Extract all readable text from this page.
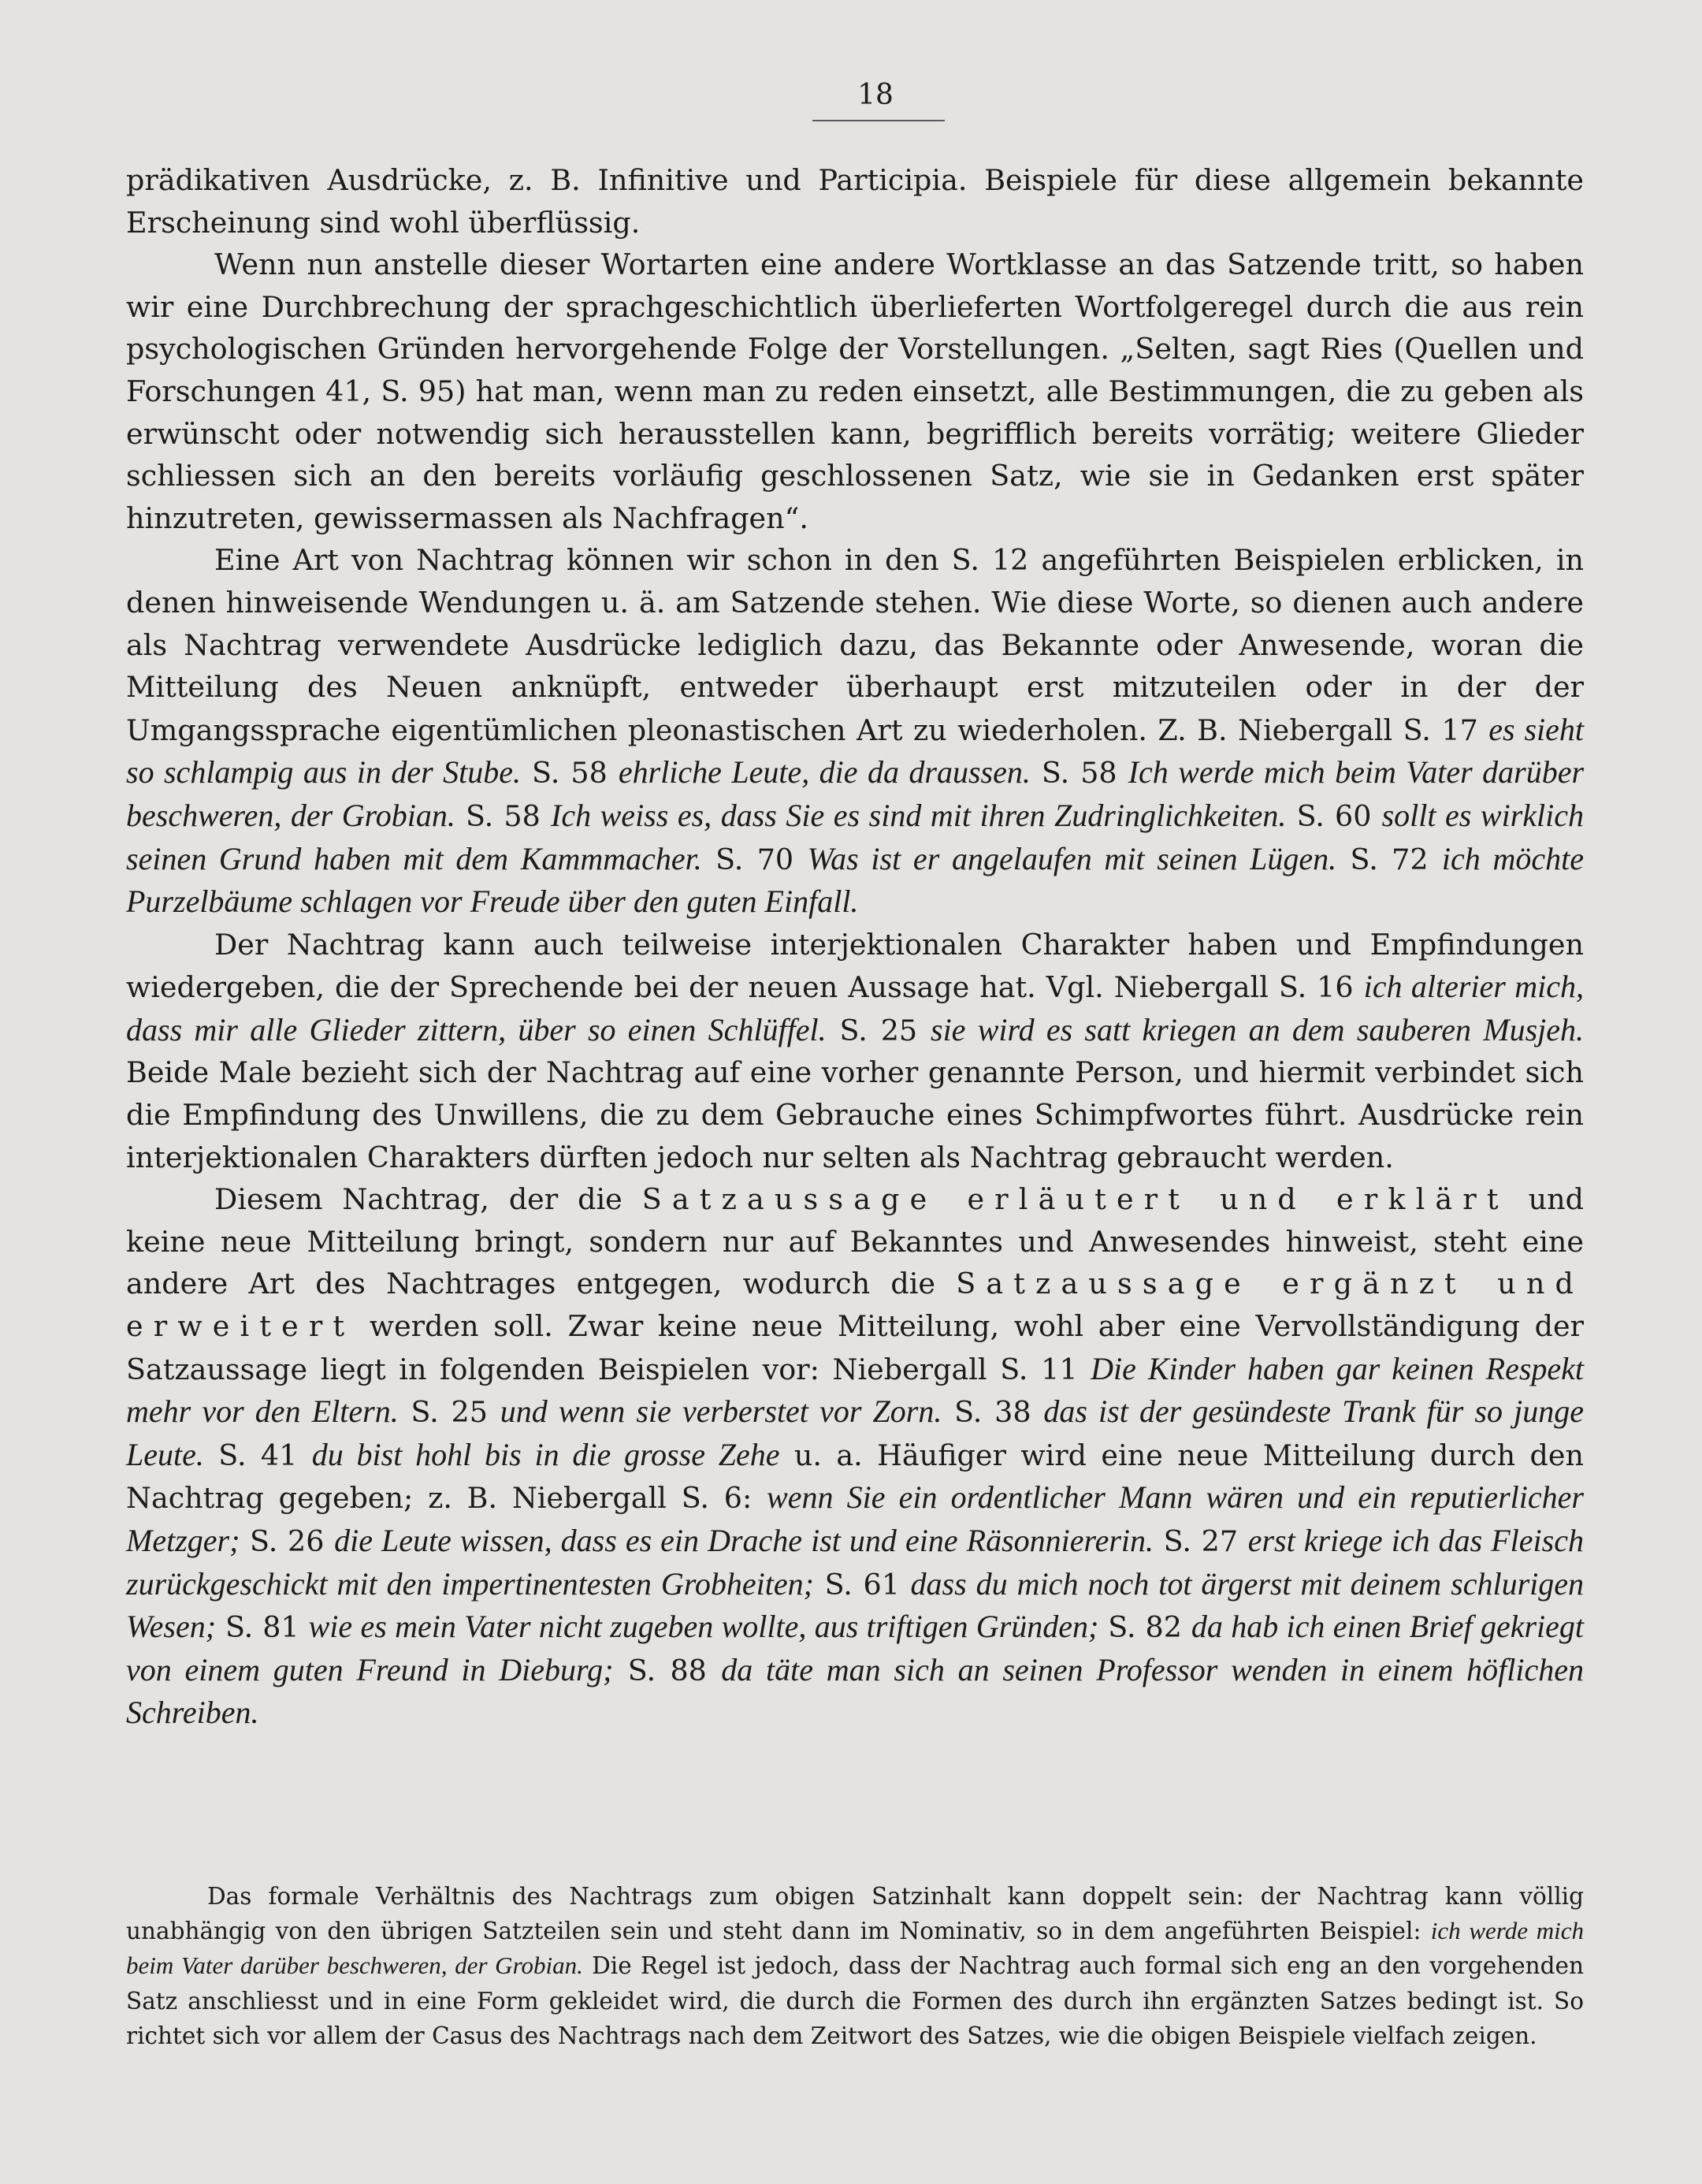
18

prädikativen Ausdrücke, z. B. Infinitive und Participia. Beispiele für diese allgemein bekannte Erscheinung sind wohl überflüssig.

Wenn nun anstelle dieser Wortarten eine andere Wortklasse an das Satzende tritt, so haben wir eine Durchbrechung der sprachgeschichtlich überlieferten Wortfolgeregel durch die aus rein psychologischen Gründen hervorgehende Folge der Vorstellungen. „Selten, sagt Ries (Quellen und Forschungen 41, S. 95) hat man, wenn man zu reden einsetzt, alle Bestimmungen, die zu geben als erwünscht oder notwendig sich herausstellen kann, begrifflich bereits vorrätig; weitere Glieder schliessen sich an den bereits vorläufig geschlossenen Satz, wie sie in Gedanken erst später hinzutreten, gewissermassen als Nachfragen“.

Eine Art von Nachtrag können wir schon in den S. 12 angeführten Beispielen erblicken, in denen hinweisende Wendungen u. ä. am Satzende stehen. Wie diese Worte, so dienen auch andere als Nachtrag verwendete Ausdrücke lediglich dazu, das Bekannte oder Anwesende, woran die Mitteilung des Neuen anknüpft, entweder überhaupt erst mitzuteilen oder in der der Umgangssprache eigentümlichen pleonastischen Art zu wiederholen. Z. B. Niebergall S. 17 es sieht so schlampig aus in der Stube. S. 58 ehrliche Leute, die da draussen. S. 58 Ich werde mich beim Vater darüber beschweren, der Grobian. S. 58 Ich weiss es, dass Sie es sind mit ihren Zudringlichkeiten. S. 60 sollt es wirklich seinen Grund haben mit dem Kammmacher. S. 70 Was ist er angelaufen mit seinen Lügen. S. 72 ich möchte Purzelbäume schlagen vor Freude über den guten Einfall.

Der Nachtrag kann auch teilweise interjektionalen Charakter haben und Empfindungen wiedergeben, die der Sprechende bei der neuen Aussage hat. Vgl. Niebergall S. 16 ich alterier mich, dass mir alle Glieder zittern, über so einen Schlüffel. S. 25 sie wird es satt kriegen an dem sauberen Musjeh. Beide Male bezieht sich der Nachtrag auf eine vorher genannte Person, und hiermit verbindet sich die Empfindung des Unwillens, die zu dem Gebrauche eines Schimpfwortes führt. Ausdrücke rein interjektionalen Charakters dürften jedoch nur selten als Nachtrag gebraucht werden.

Diesem Nachtrag, der die Satzaussage erläutert und erklärt und keine neue Mitteilung bringt, sondern nur auf Bekanntes und Anwesendes hinweist, steht eine andere Art des Nachtrages entgegen, wodurch die Satzaussage ergänzt und erweitert werden soll. Zwar keine neue Mitteilung, wohl aber eine Vervollständigung der Satzaussage liegt in folgenden Beispielen vor: Niebergall S. 11 Die Kinder haben gar keinen Respekt mehr vor den Eltern. S. 25 und wenn sie verberstet vor Zorn. S. 38 das ist der gesündeste Trank für so junge Leute. S. 41 du bist hohl bis in die grosse Zehe u. a. Häufiger wird eine neue Mitteilung durch den Nachtrag gegeben; z. B. Niebergall S. 6: wenn Sie ein ordentlicher Mann wären und ein reputierlicher Metzger; S. 26 die Leute wissen, dass es ein Drache ist und eine Räsonniererin. S. 27 erst kriege ich das Fleisch zurückgeschickt mit den impertinentesten Grobheiten; S. 61 dass du mich noch tot ärgerst mit deinem schlurigen Wesen; S. 81 wie es mein Vater nicht zugeben wollte, aus triftigen Gründen; S. 82 da hab ich einen Brief gekriegt von einem guten Freund in Dieburg; S. 88 da täte man sich an seinen Professor wenden in einem höflichen Schreiben.

Das formale Verhältnis des Nachtrags zum obigen Satzinhalt kann doppelt sein: der Nachtrag kann völlig unabhängig von den übrigen Satzteilen sein und steht dann im Nominativ, so in dem angeführten Beispiel: ich werde mich beim Vater darüber beschweren, der Grobian. Die Regel ist jedoch, dass der Nachtrag auch formal sich eng an den vorgehenden Satz anschliesst und in eine Form gekleidet wird, die durch die Formen des durch ihn ergänzten Satzes bedingt ist. So richtet sich vor allem der Casus des Nachtrags nach dem Zeitwort des Satzes, wie die obigen Beispiele vielfach zeigen.
